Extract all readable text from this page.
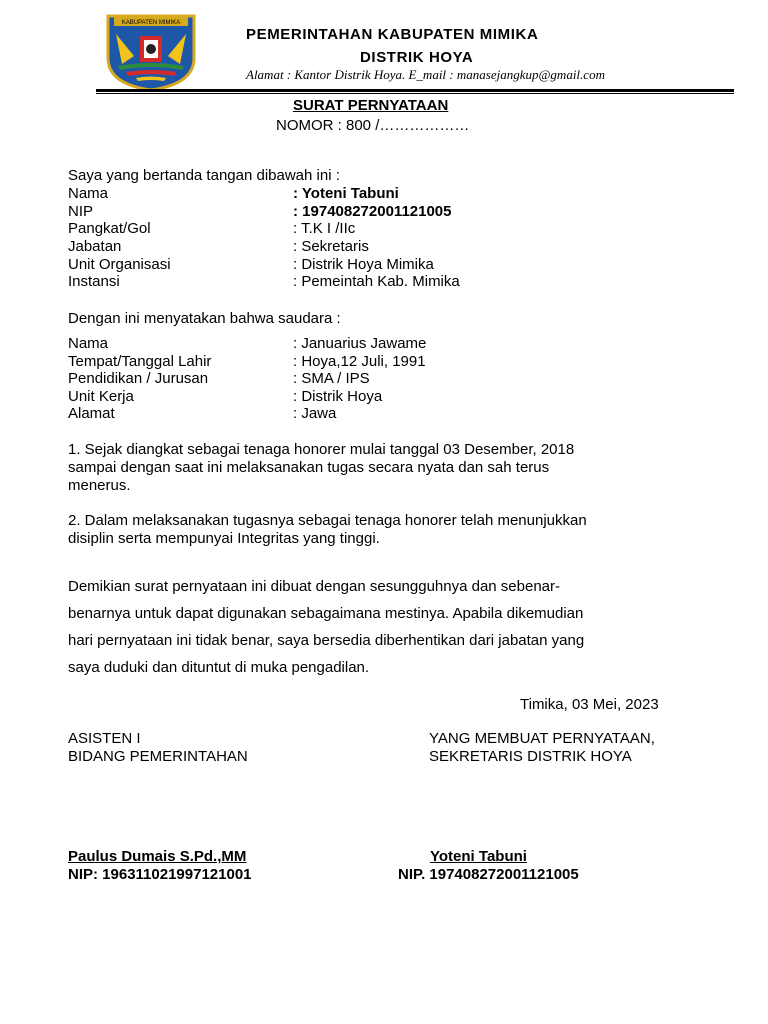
KABUPATEN MIMIKA
PEMERINTAHAN KABUPATEN MIMIKA
DISTRIK HOYA
Alamat : Kantor Distrik Hoya. E_mail : manasejangkup@gmail.com
SURAT PERNYATAAN
NOMOR : 800 /………………
Saya yang bertanda tangan dibawah ini :
Nama	: Yoteni Tabuni
NIP	: 197408272001121005
Pangkat/Gol	: T.K I /IIc
Jabatan	: Sekretaris
Unit Organisasi	: Distrik Hoya Mimika
Instansi	: Pemeintah Kab. Mimika
Dengan ini menyatakan bahwa saudara :
Nama	: Januarius Jawame
Tempat/Tanggal Lahir	: Hoya,12 Juli, 1991
Pendidikan / Jurusan	: SMA / IPS
Unit Kerja	: Distrik Hoya
Alamat	: Jawa
1. Sejak diangkat sebagai tenaga honorer mulai tanggal 03 Desember, 2018
sampai dengan saat ini melaksanakan tugas secara nyata dan sah terus
menerus.
2. Dalam melaksanakan tugasnya sebagai tenaga honorer telah menunjukkan
disiplin serta mempunyai Integritas yang tinggi.
Demikian surat pernyataan ini dibuat dengan sesungguhnya dan sebenar-
benarnya untuk dapat digunakan sebagaimana mestinya. Apabila dikemudian
hari pernyataan ini tidak benar, saya bersedia diberhentikan dari jabatan yang
saya duduki dan dituntut di muka pengadilan.
Timika, 03 Mei, 2023
ASISTEN I
BIDANG PEMERINTAHAN
Paulus Dumais S.Pd.,MM
NIP: 196311021997121001
YANG MEMBUAT PERNYATAAN,
SEKRETARIS DISTRIK HOYA
Yoteni Tabuni
NIP. 197408272001121005
